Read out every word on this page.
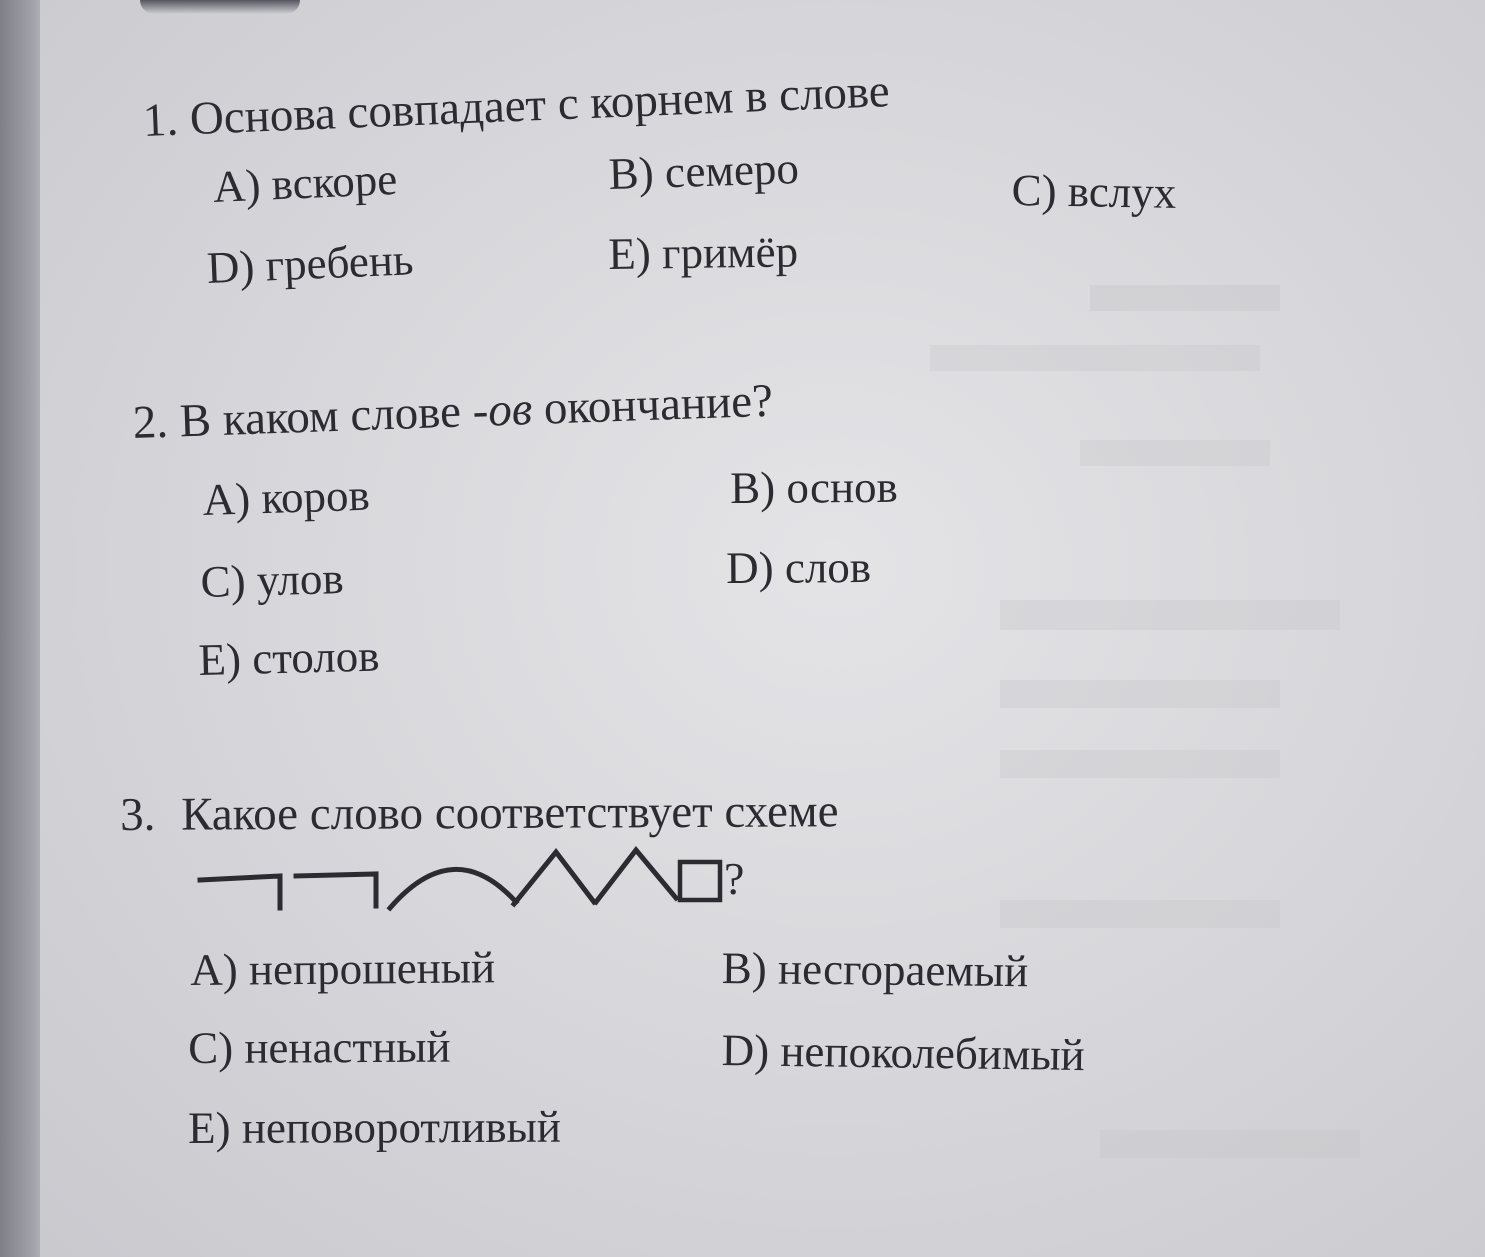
1. Основа совпадает с корнем в слове
A) вскоре	B) семеро	C) вслух
D) гребень	E) гримёр
2. В каком слове -ов окончание?
A) коров	B) основ
C) улов	D) слов
E) столов
3. Какое слово соответствует схеме
?
A) непрошеный	B) несгораемый
C) ненастный	D) непоколебимый
E) неповоротливый
